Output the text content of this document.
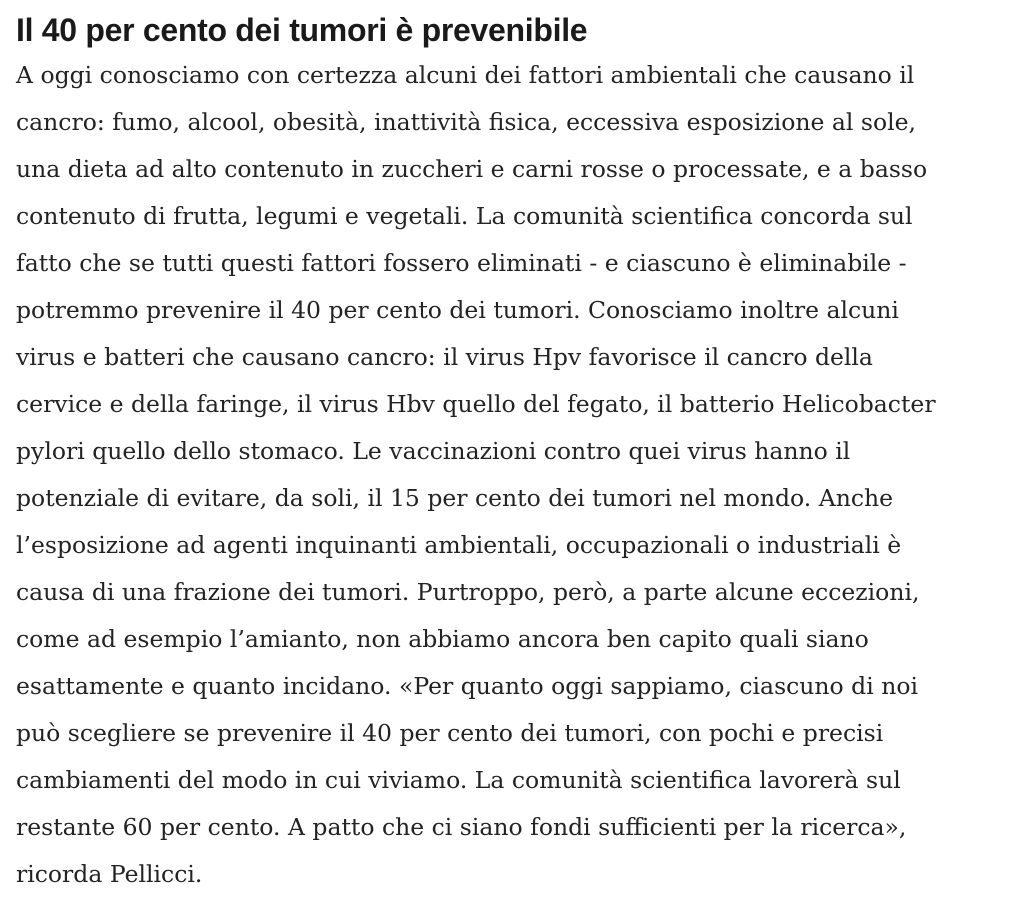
Il 40 per cento dei tumori è prevenibile

A oggi conosciamo con certezza alcuni dei fattori ambientali che causano il
cancro: fumo, alcool, obesità, inattività fisica, eccessiva esposizione al sole,
una dieta ad alto contenuto in zuccheri e carni rosse o processate, e a basso
contenuto di frutta, legumi e vegetali. La comunità scientifica concorda sul
fatto che se tutti questi fattori fossero eliminati - e ciascuno è eliminabile -
potremmo prevenire il 40 per cento dei tumori. Conosciamo inoltre alcuni
virus e batteri che causano cancro: il virus Hpv favorisce il cancro della
cervice e della faringe, il virus Hbv quello del fegato, il batterio Helicobacter
pylori quello dello stomaco. Le vaccinazioni contro quei virus hanno il
potenziale di evitare, da soli, il 15 per cento dei tumori nel mondo. Anche
l’esposizione ad agenti inquinanti ambientali, occupazionali o industriali è
causa di una frazione dei tumori. Purtroppo, però, a parte alcune eccezioni,
come ad esempio l’amianto, non abbiamo ancora ben capito quali siano
esattamente e quanto incidano. «Per quanto oggi sappiamo, ciascuno di noi
può scegliere se prevenire il 40 per cento dei tumori, con pochi e precisi
cambiamenti del modo in cui viviamo. La comunità scientifica lavorerà sul
restante 60 per cento. A patto che ci siano fondi sufficienti per la ricerca»,
ricorda Pellicci.
